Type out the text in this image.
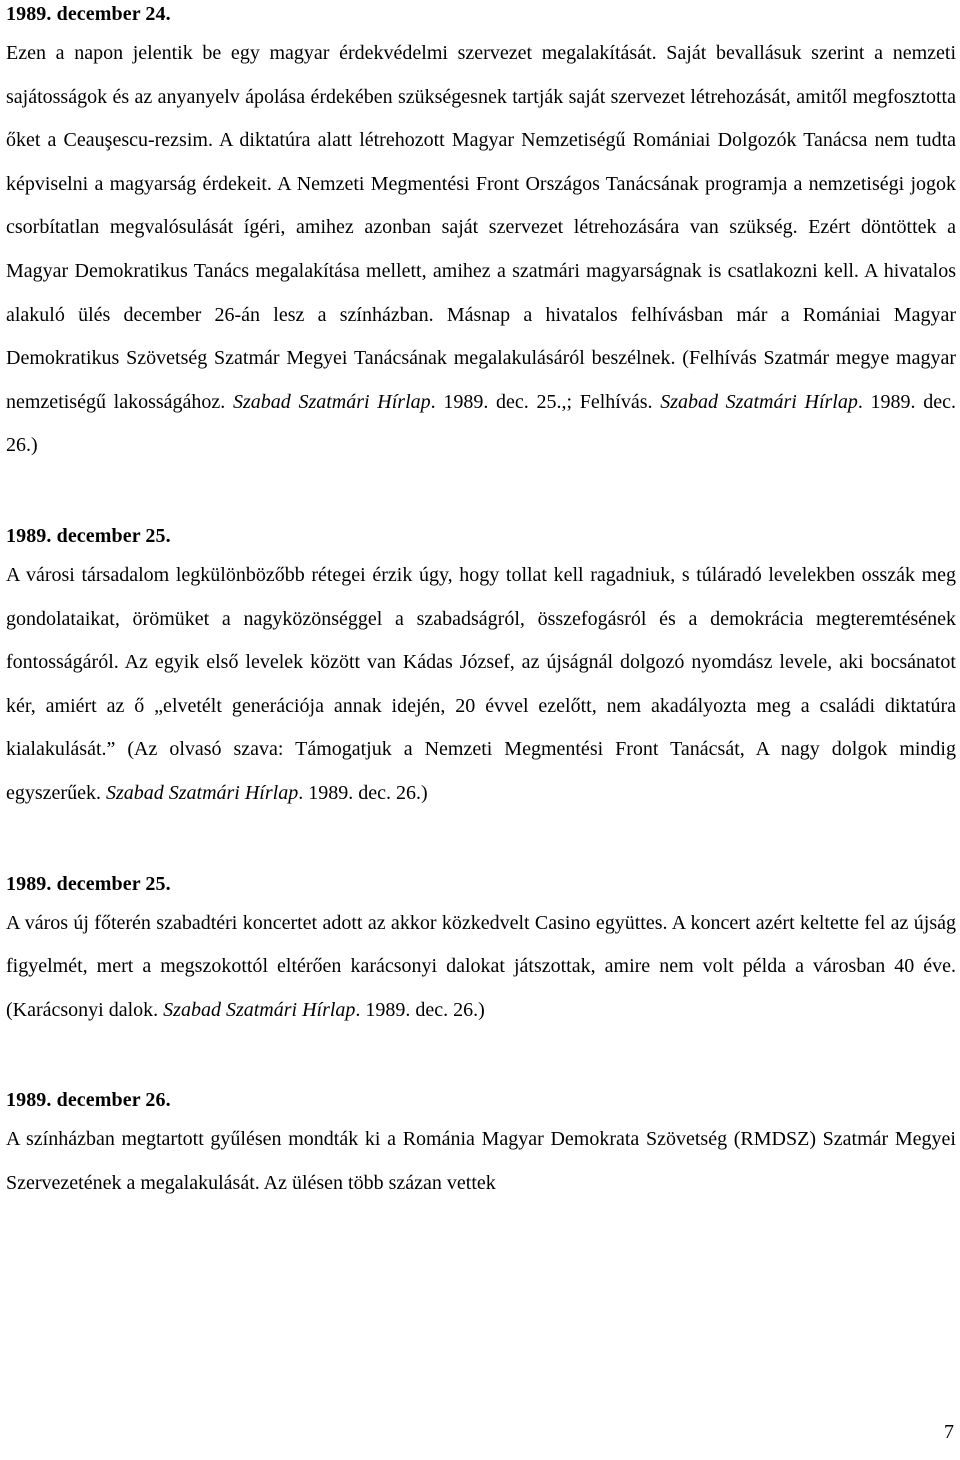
1989. december 24.

Ezen a napon jelentik be egy magyar érdekvédelmi szervezet megalakítását. Saját bevallásuk szerint a nemzeti sajátosságok és az anyanyelv ápolása érdekében szükségesnek tartják saját szervezet létrehozását, amitől megfosztotta őket a Ceauşescu-rezsim. A diktatúra alatt létrehozott Magyar Nemzetiségű Romániai Dolgozók Tanácsa nem tudta képviselni a magyarság érdekeit. A Nemzeti Megmentési Front Országos Tanácsának programja a nemzetiségi jogok csorbítatlan megvalósulását ígéri, amihez azonban saját szervezet létrehozására van szükség. Ezért döntöttek a Magyar Demokratikus Tanács megalakítása mellett, amihez a szatmári magyarságnak is csatlakozni kell. A hivatalos alakuló ülés december 26-án lesz a színházban. Másnap a hivatalos felhívásban már a Romániai Magyar Demokratikus Szövetség Szatmár Megyei Tanácsának megalakulásáról beszélnek. (Felhívás Szatmár megye magyar nemzetiségű lakosságához. Szabad Szatmári Hírlap. 1989. dec. 25.,; Felhívás. Szabad Szatmári Hírlap. 1989. dec. 26.)

1989. december 25.

A városi társadalom legkülönbözőbb rétegei érzik úgy, hogy tollat kell ragadniuk, s túláradó levelekben osszák meg gondolataikat, örömüket a nagyközönséggel a szabadságról, összefogásról és a demokrácia megteremtésének fontosságáról. Az egyik első levelek között van Kádas József, az újságnál dolgozó nyomdász levele, aki bocsánatot kér, amiért az ő „elvetélt generációja annak idején, 20 évvel ezelőtt, nem akadályozta meg a családi diktatúra kialakulását.” (Az olvasó szava: Támogatjuk a Nemzeti Megmentési Front Tanácsát, A nagy dolgok mindig egyszerűek. Szabad Szatmári Hírlap. 1989. dec. 26.)

1989. december 25.

A város új főterén szabadtéri koncertet adott az akkor közkedvelt Casino együttes. A koncert azért keltette fel az újság figyelmét, mert a megszokottól eltérően karácsonyi dalokat játszottak, amire nem volt példa a városban 40 éve. (Karácsonyi dalok. Szabad Szatmári Hírlap. 1989. dec. 26.)

1989. december 26.

A színházban megtartott gyűlésen mondták ki a Románia Magyar Demokrata Szövetség (RMDSZ) Szatmár Megyei Szervezetének a megalakulását. Az ülésen több százan vettek

7
